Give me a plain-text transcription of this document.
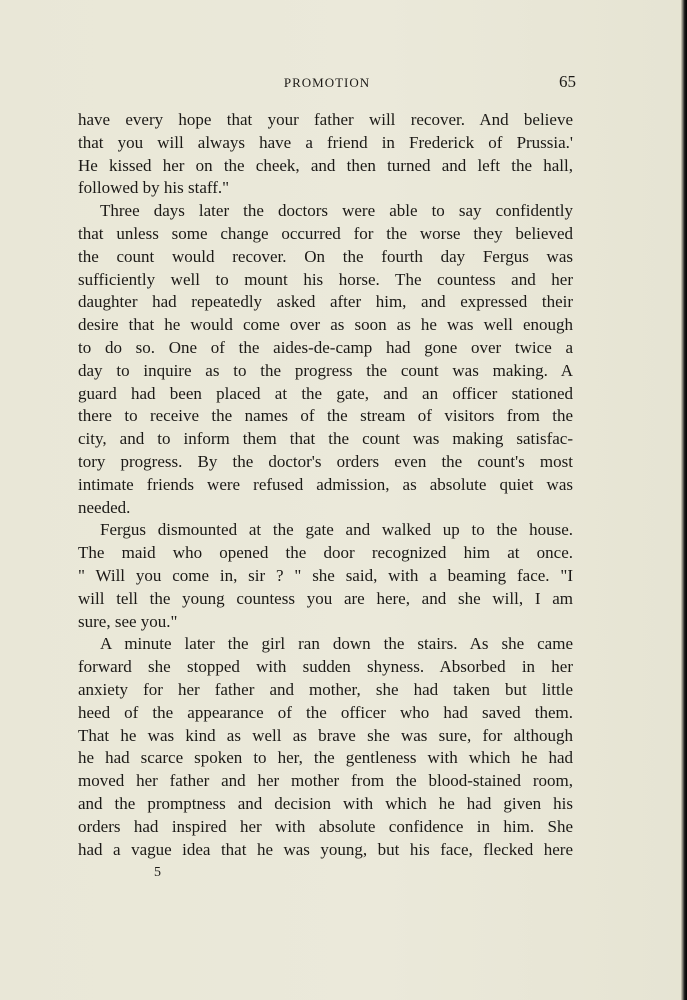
PROMOTION	65
have every hope that your father will recover. And believe
that you will always have a friend in Frederick of Prussia.'
He kissed her on the cheek, and then turned and left the hall,
followed by his staff."
Three days later the doctors were able to say confidently
that unless some change occurred for the worse they believed
the count would recover. On the fourth day Fergus was
sufficiently well to mount his horse. The countess and her
daughter had repeatedly asked after him, and expressed their
desire that he would come over as soon as he was well enough
to do so. One of the aides-de-camp had gone over twice a
day to inquire as to the progress the count was making. A
guard had been placed at the gate, and an officer stationed
there to receive the names of the stream of visitors from the
city, and to inform them that the count was making satisfac-
tory progress. By the doctor's orders even the count's most
intimate friends were refused admission, as absolute quiet was
needed.
Fergus dismounted at the gate and walked up to the house.
The maid who opened the door recognized him at once.
" Will you come in, sir ? " she said, with a beaming face. "I
will tell the young countess you are here, and she will, I am
sure, see you."
A minute later the girl ran down the stairs. As she came
forward she stopped with sudden shyness. Absorbed in her
anxiety for her father and mother, she had taken but little
heed of the appearance of the officer who had saved them.
That he was kind as well as brave she was sure, for although
he had scarce spoken to her, the gentleness with which he had
moved her father and her mother from the blood-stained room,
and the promptness and decision with which he had given his
orders had inspired her with absolute confidence in him. She
had a vague idea that he was young, but his face, flecked here
5
